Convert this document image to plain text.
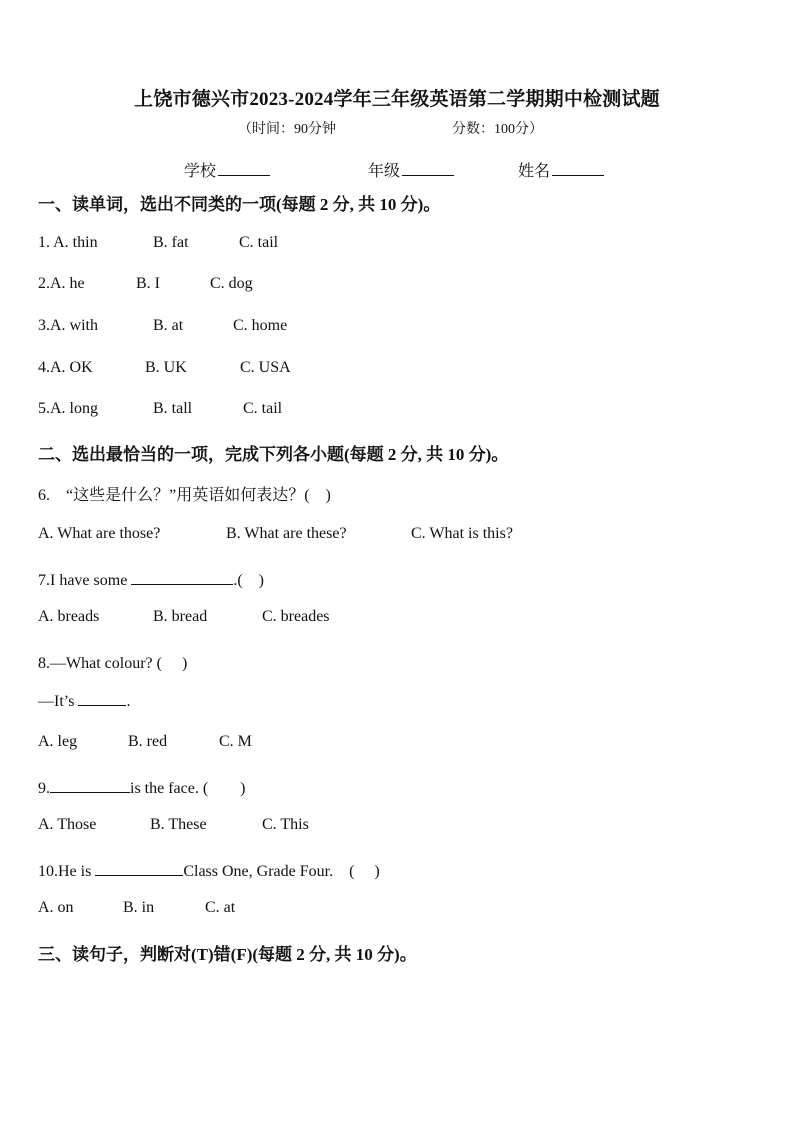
上饶市德兴市2023-2024学年三年级英语第二学期期中检测试题
（时间：90分钟	分数：100分）
学校	年级	姓名
一、读单词，选出不同类的一项(每题 2 分, 共 10 分)。
1. A. thin	B. fat	C. tail
2.A. he	B. I	C. dog
3.A. with	B. at	C. home
4.A. OK	B. UK	C. USA
5.A. long	B. tall	C. tail
二、选出最恰当的一项，完成下列各小题(每题 2 分, 共 10 分)。
6.　“这些是什么？”用英语如何表达？(　)
A. What are those?	B. What are these?	C. What is this?
7.I have some	.(　)
A. breads	B. bread	C. breades
8.—What colour? (　 )
—It’s	.
A. leg	B. red	C. M
9.	is the face. (　　)
A. Those	B. These	C. This
10.He is	Class One, Grade Four.　(　 )
A. on	B. in	C. at
三、读句子，判断对(T)错(F)(每题 2 分, 共 10 分)。
